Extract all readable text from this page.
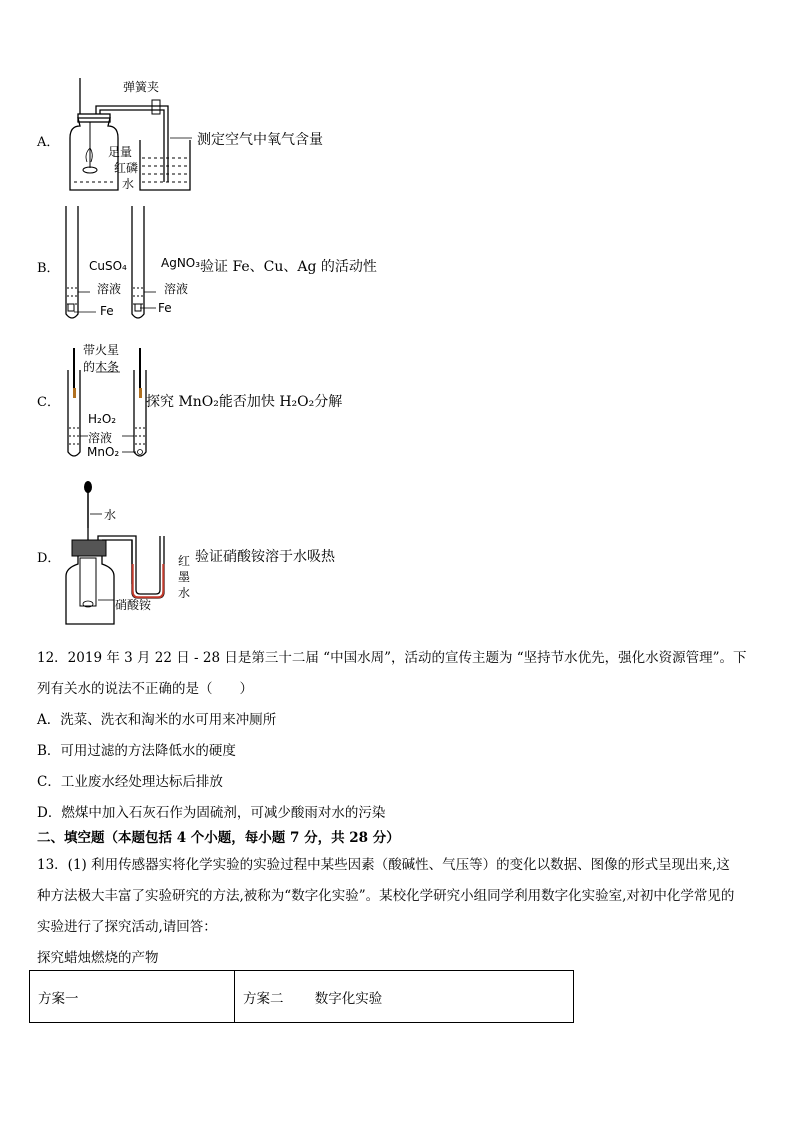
A．
弹簧夹
足量
红磷
水
测定空气中氧气含量
B． CuSO₄
溶液
Fe
AgNO₃
溶液
Fe
验证 Fe、Cu、Ag 的活动性
C．
带火星
的木条
H₂O₂
溶液
MnO₂
探究 MnO₂能否加快 H₂O₂分解
D．
水
红
墨
水
硝酸铵
验证硝酸铵溶于水吸热
12．2019 年 3 月 22 日 - 28 日是第三十二届 “中国水周”，活动的宣传主题为 “坚持节水优先，强化水资源管理”。下
列有关水的说法不正确的是（　　）
A．洗菜、洗衣和淘米的水可用来冲厕所
B．可用过滤的方法降低水的硬度
C．工业废水经处理达标后排放
D．燃煤中加入石灰石作为固硫剂，可减少酸雨对水的污染
二、填空题（本题包括 4 个小题，每小题 7 分，共 28 分）
13．(1) 利用传感器实将化学实验的实验过程中某些因素（酸碱性、气压等）的变化以数据、图像的形式呈现出来,这
种方法极大丰富了实验研究的方法,被称为“数字化实验”。某校化学研究小组同学利用数字化实验室,对初中化学常见的
实验进行了探究活动,请回答：
探究蜡烛燃烧的产物
方案一	方案二　　 数字化实验
